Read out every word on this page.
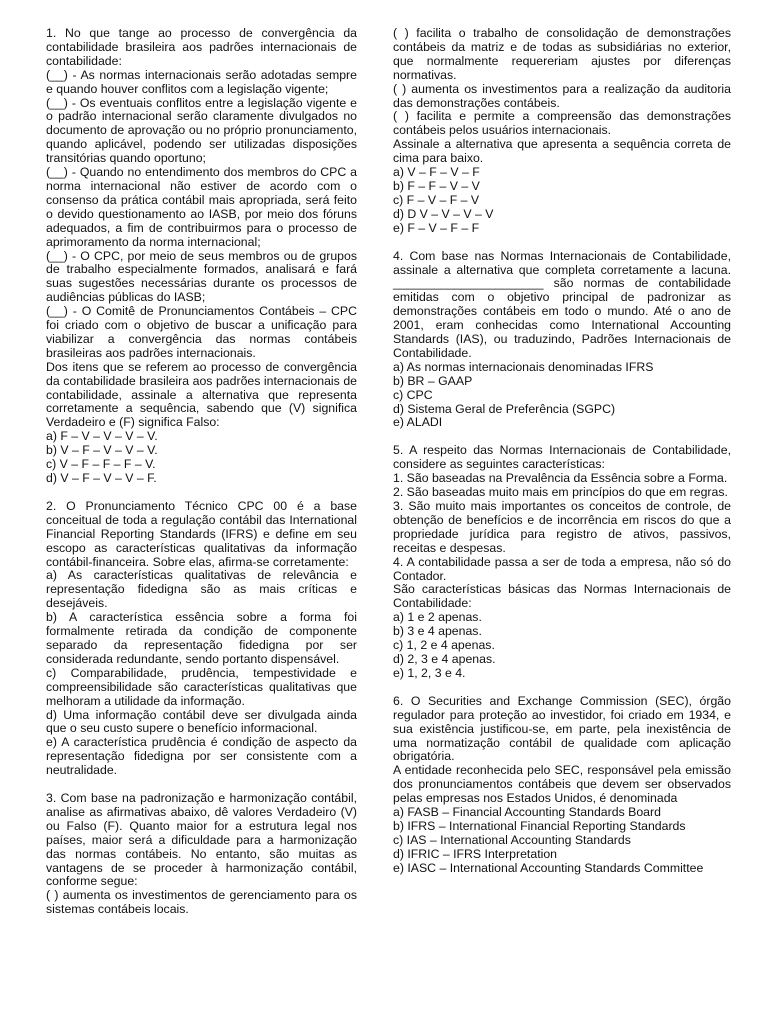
1. No que tange ao processo de convergência da contabilidade brasileira aos padrões internacionais de contabilidade:

(__) - As normas internacionais serão adotadas sempre e quando houver conflitos com a legislação vigente;

(__) - Os eventuais conflitos entre a legislação vigente e o padrão internacional serão claramente divulgados no documento de aprovação ou no próprio pronunciamento, quando aplicável, podendo ser utilizadas disposições transitórias quando oportuno;

(__) - Quando no entendimento dos membros do CPC a norma internacional não estiver de acordo com o consenso da prática contábil mais apropriada, será feito o devido questionamento ao IASB, por meio dos fóruns adequados, a fim de contribuirmos para o processo de aprimoramento da norma internacional;

(__) - O CPC, por meio de seus membros ou de grupos de trabalho especialmente formados, analisará e fará suas sugestões necessárias durante os processos de audiências públicas do IASB;

(__) - O Comitê de Pronunciamentos Contábeis – CPC foi criado com o objetivo de buscar a unificação para viabilizar a convergência das normas contábeis brasileiras aos padrões internacionais.

Dos itens que se referem ao processo de convergência da contabilidade brasileira aos padrões internacionais de contabilidade, assinale a alternativa que representa corretamente a sequência, sabendo que (V) significa Verdadeiro e (F) significa Falso:

a) F – V – V – V – V.

b) V – F – V – V – V.

c) V – F – F – F – V.

d) V – F – V – V – F.

2. O Pronunciamento Técnico CPC 00 é a base conceitual de toda a regulação contábil das International Financial Reporting Standards (IFRS) e define em seu escopo as características qualitativas da informação contábil-financeira. Sobre elas, afirma-se corretamente:

a) As características qualitativas de relevância e representação fidedigna são as mais críticas e desejáveis.

b) A característica essência sobre a forma foi formalmente retirada da condição de componente separado da representação fidedigna por ser considerada redundante, sendo portanto dispensável.

c) Comparabilidade, prudência, tempestividade e compreensibilidade são características qualitativas que melhoram a utilidade da informação.

d) Uma informação contábil deve ser divulgada ainda que o seu custo supere o benefício informacional.

e) A característica prudência é condição de aspecto da representação fidedigna por ser consistente com a neutralidade.

3. Com base na padronização e harmonização contábil, analise as afirmativas abaixo, dê valores Verdadeiro (V) ou Falso (F). Quanto maior for a estrutura legal nos países, maior será a dificuldade para a harmonização das normas contábeis. No entanto, são muitas as vantagens de se proceder à harmonização contábil, conforme segue:

( ) aumenta os investimentos de gerenciamento para os sistemas contábeis locais.

( ) facilita o trabalho de consolidação de demonstrações contábeis da matriz e de todas as subsidiárias no exterior, que normalmente requereriam ajustes por diferenças normativas.

( ) aumenta os investimentos para a realização da auditoria das demonstrações contábeis.

( ) facilita e permite a compreensão das demonstrações contábeis pelos usuários internacionais.

Assinale a alternativa que apresenta a sequência correta de cima para baixo.

a) V – F – V – F

b) F – F – V – V

c) F – V – F – V

d) D V – V – V – V

e) F – V – F – F

4. Com base nas Normas Internacionais de Contabilidade, assinale a alternativa que completa corretamente a lacuna. ______________________ são normas de contabilidade emitidas com o objetivo principal de padronizar as demonstrações contábeis em todo o mundo. Até o ano de 2001, eram conhecidas como International Accounting Standards (IAS), ou traduzindo, Padrões Internacionais de Contabilidade.

a) As normas internacionais denominadas IFRS

b) BR – GAAP

c) CPC

d) Sistema Geral de Preferência (SGPC)

e) ALADI

5. A respeito das Normas Internacionais de Contabilidade, considere as seguintes características:

1. São baseadas na Prevalência da Essência sobre a Forma.

2. São baseadas muito mais em princípios do que em regras.

3. São muito mais importantes os conceitos de controle, de obtenção de benefícios e de incorrência em riscos do que a propriedade jurídica para registro de ativos, passivos, receitas e despesas.

4. A contabilidade passa a ser de toda a empresa, não só do Contador.

São características básicas das Normas Internacionais de Contabilidade:

a) 1 e 2 apenas.

b) 3 e 4 apenas.

c) 1, 2 e 4 apenas.

d) 2, 3 e 4 apenas.

e) 1, 2, 3 e 4.

6. O Securities and Exchange Commission (SEC), órgão regulador para proteção ao investidor, foi criado em 1934, e sua existência justificou-se, em parte, pela inexistência de uma normatização contábil de qualidade com aplicação obrigatória.

A entidade reconhecida pelo SEC, responsável pela emissão dos pronunciamentos contábeis que devem ser observados pelas empresas nos Estados Unidos, é denominada

a) FASB – Financial Accounting Standards Board

b) IFRS – International Financial Reporting Standards

c) IAS – International Accounting Standards

d) IFRIC – IFRS Interpretation

e) IASC – International Accounting Standards Committee
